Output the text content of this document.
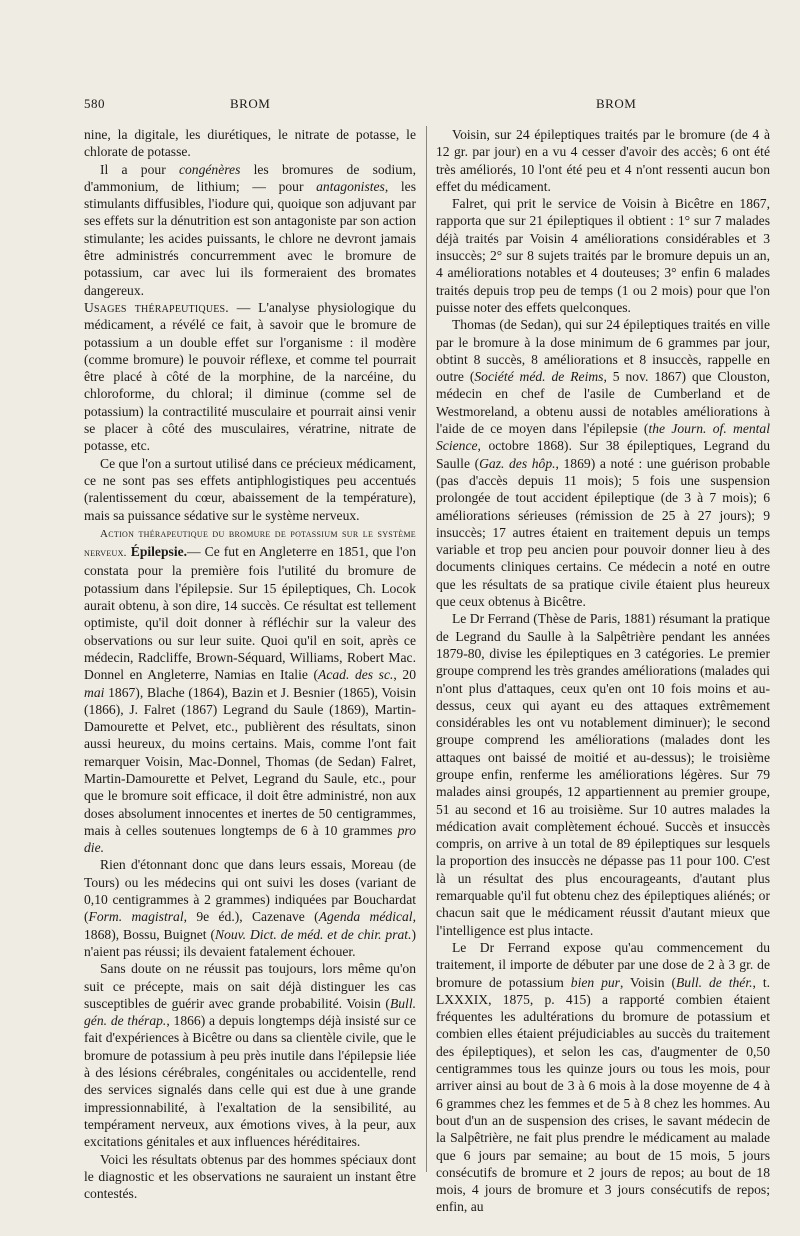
580	BROM	BROM

nine, la digitale, les diurétiques, le nitrate de potasse, le chlorate de potasse.

Il a pour congénères les bromures de sodium, d'ammonium, de lithium; — pour antagonistes, les stimulants diffusibles, l'iodure qui, quoique son adjuvant par ses effets sur la dénutrition est son antagoniste par son action stimulante; les acides puissants, le chlore ne devront jamais être administrés concurremment avec le bromure de potassium, car avec lui ils formeraient des bromates dangereux.

Usages thérapeutiques. — L'analyse physiologique du médicament, a révélé ce fait, à savoir que le bromure de potassium a un double effet sur l'organisme : il modère (comme bromure) le pouvoir réflexe, et comme tel pourrait être placé à côté de la morphine, de la narcéine, du chloroforme, du chloral; il diminue (comme sel de potassium) la contractilité musculaire et pourrait ainsi venir se placer à côté des musculaires, vératrine, nitrate de potasse, etc.

Ce que l'on a surtout utilisé dans ce précieux médicament, ce ne sont pas ses effets antiphlogistiques peu accentués (ralentissement du cœur, abaissement de la température), mais sa puissance sédative sur le système nerveux.

Action thérapeutique du bromure de potassium sur le système nerveux. Épilepsie.— Ce fut en Angleterre en 1851, que l'on constata pour la première fois l'utilité du bromure de potassium dans l'épilepsie. Sur 15 épileptiques, Ch. Locok aurait obtenu, à son dire, 14 succès. Ce résultat est tellement optimiste, qu'il doit donner à réfléchir sur la valeur des observations ou sur leur suite. Quoi qu'il en soit, après ce médecin, Radcliffe, Brown-Séquard, Williams, Robert Mac. Donnel en Angleterre, Namias en Italie (Acad. des sc., 20 mai 1867), Blache (1864), Bazin et J. Besnier (1865), Voisin (1866), J. Falret (1867) Legrand du Saule (1869), Martin-Damourette et Pelvet, etc., publièrent des résultats, sinon aussi heureux, du moins certains. Mais, comme l'ont fait remarquer Voisin, Mac-Donnel, Thomas (de Sedan) Falret, Martin-Damourette et Pelvet, Legrand du Saule, etc., pour que le bromure soit efficace, il doit être administré, non aux doses absolument innocentes et inertes de 50 centigrammes, mais à celles soutenues longtemps de 6 à 10 grammes pro die.

Rien d'étonnant donc que dans leurs essais, Moreau (de Tours) ou les médecins qui ont suivi les doses (variant de 0,10 centigrammes à 2 grammes) indiquées par Bouchardat (Form. magistral, 9e éd.), Cazenave (Agenda médical, 1868), Bossu, Buignet (Nouv. Dict. de méd. et de chir. prat.) n'aient pas réussi; ils devaient fatalement échouer.

Sans doute on ne réussit pas toujours, lors même qu'on suit ce précepte, mais on sait déjà distinguer les cas susceptibles de guérir avec grande probabilité. Voisin (Bull. gén. de thérap., 1866) a depuis longtemps déjà insisté sur ce fait d'expériences à Bicêtre ou dans sa clientèle civile, que le bromure de potassium à peu près inutile dans l'épilepsie liée à des lésions cérébrales, congénitales ou accidentelle, rend des services signalés dans celle qui est due à une grande impressionnabilité, à l'exaltation de la sensibilité, au tempérament nerveux, aux émotions vives, à la peur, aux excitations génitales et aux influences héréditaires.

Voici les résultats obtenus par des hommes spéciaux dont le diagnostic et les observations ne sauraient un instant être contestés.

Voisin, sur 24 épileptiques traités par le bromure (de 4 à 12 gr. par jour) en a vu 4 cesser d'avoir des accès; 6 ont été très améliorés, 10 l'ont été peu et 4 n'ont ressenti aucun bon effet du médicament.

Falret, qui prit le service de Voisin à Bicêtre en 1867, rapporta que sur 21 épileptiques il obtient : 1° sur 7 malades déjà traités par Voisin 4 améliorations considérables et 3 insuccès; 2° sur 8 sujets traités par le bromure depuis un an, 4 améliorations notables et 4 douteuses; 3° enfin 6 malades traités depuis trop peu de temps (1 ou 2 mois) pour que l'on puisse noter des effets quelconques.

Thomas (de Sedan), qui sur 24 épileptiques traités en ville par le bromure à la dose minimum de 6 grammes par jour, obtint 8 succès, 8 améliorations et 8 insuccès, rappelle en outre (Société méd. de Reims, 5 nov. 1867) que Clouston, médecin en chef de l'asile de Cumberland et de Westmoreland, a obtenu aussi de notables améliorations à l'aide de ce moyen dans l'épilepsie (the Journ. of. mental Science, octobre 1868). Sur 38 épileptiques, Legrand du Saulle (Gaz. des hôp., 1869) a noté : une guérison probable (pas d'accès depuis 11 mois); 5 fois une suspension prolongée de tout accident épileptique (de 3 à 7 mois); 6 améliorations sérieuses (rémission de 25 à 27 jours); 9 insuccès; 17 autres étaient en traitement depuis un temps variable et trop peu ancien pour pouvoir donner lieu à des documents cliniques certains. Ce médecin a noté en outre que les résultats de sa pratique civile étaient plus heureux que ceux obtenus à Bicêtre.

Le Dr Ferrand (Thèse de Paris, 1881) résumant la pratique de Legrand du Saulle à la Salpêtrière pendant les années 1879-80, divise les épileptiques en 3 catégories. Le premier groupe comprend les très grandes améliorations (malades qui n'ont plus d'attaques, ceux qu'en ont 10 fois moins et au-dessus, ceux qui ayant eu des attaques extrêmement considérables les ont vu notablement diminuer); le second groupe comprend les améliorations (malades dont les attaques ont baissé de moitié et au-dessus); le troisième groupe enfin, renferme les améliorations légères. Sur 79 malades ainsi groupés, 12 appartiennent au premier groupe, 51 au second et 16 au troisième. Sur 10 autres malades la médication avait complètement échoué. Succès et insuccès compris, on arrive à un total de 89 épileptiques sur lesquels la proportion des insuccès ne dépasse pas 11 pour 100. C'est là un résultat des plus encourageants, d'autant plus remarquable qu'il fut obtenu chez des épileptiques aliénés; or chacun sait que le médicament réussit d'autant mieux que l'intelligence est plus intacte.

Le Dr Ferrand expose qu'au commencement du traitement, il importe de débuter par une dose de 2 à 3 gr. de bromure de potassium bien pur, Voisin (Bull. de thér., t. LXXXIX, 1875, p. 415) a rapporté combien étaient fréquentes les adultérations du bromure de potassium et combien elles étaient préjudiciables au succès du traitement des épileptiques), et selon les cas, d'augmenter de 0,50 centigrammes tous les quinze jours ou tous les mois, pour arriver ainsi au bout de 3 à 6 mois à la dose moyenne de 4 à 6 grammes chez les femmes et de 5 à 8 chez les hommes. Au bout d'un an de suspension des crises, le savant médecin de la Salpêtrière, ne fait plus prendre le médicament au malade que 6 jours par semaine; au bout de 15 mois, 5 jours consécutifs de bromure et 2 jours de repos; au bout de 18 mois, 4 jours de bromure et 3 jours consécutifs de repos; enfin, au
